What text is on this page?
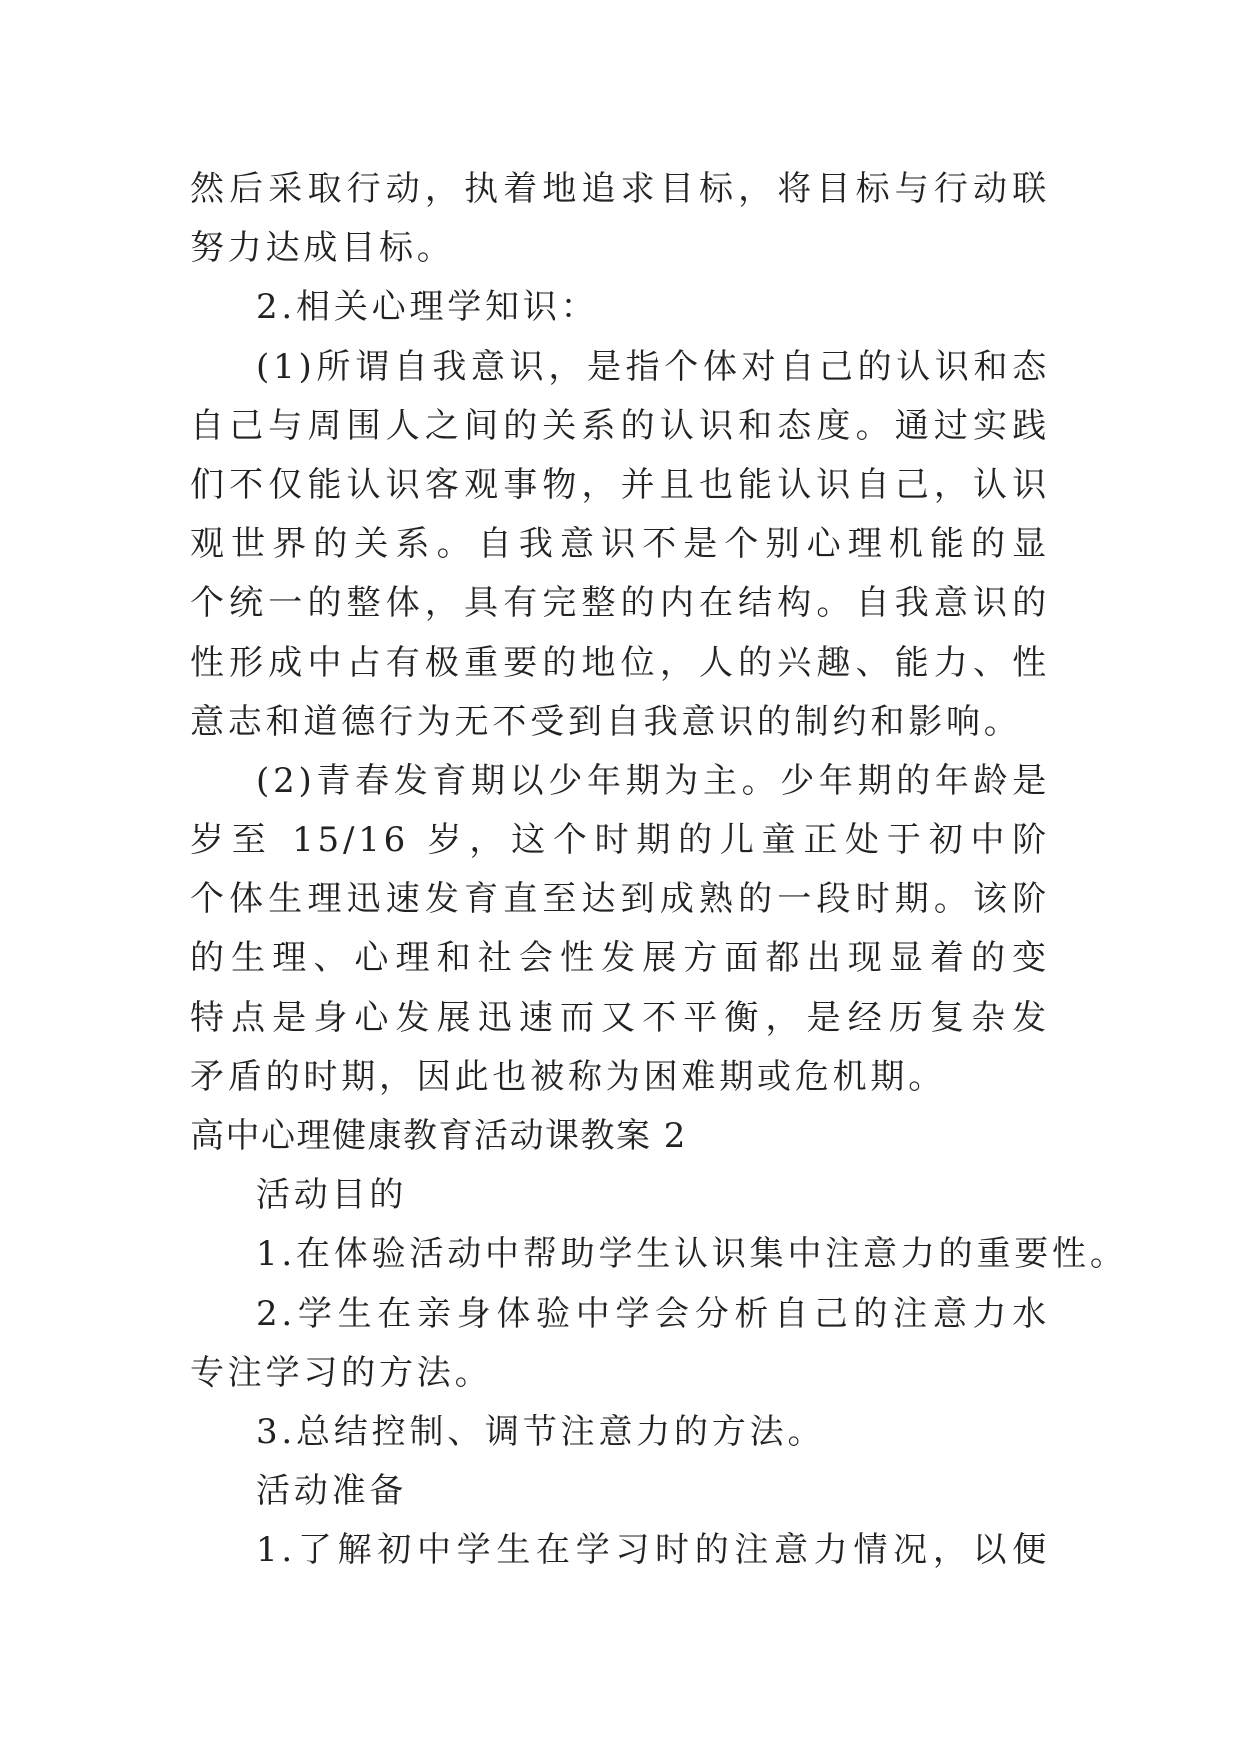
然后采取行动，执着地追求目标，将目标与行动联
努力达成目标。
2.相关心理学知识：
(1)所谓自我意识，是指个体对自己的认识和态
自己与周围人之间的关系的认识和态度。通过实践
们不仅能认识客观事物，并且也能认识自己，认识
观世界的关系。自我意识不是个别心理机能的显
个统一的整体，具有完整的内在结构。自我意识的
性形成中占有极重要的地位，人的兴趣、能力、性
意志和道德行为无不受到自我意识的制约和影响。
(2)青春发育期以少年期为主。少年期的年龄是
岁至 15/16 岁，这个时期的儿童正处于初中阶
个体生理迅速发育直至达到成熟的一段时期。该阶
的生理、心理和社会性发展方面都出现显着的变
特点是身心发展迅速而又不平衡，是经历复杂发
矛盾的时期，因此也被称为困难期或危机期。
高中心理健康教育活动课教案 2
活动目的
1.在体验活动中帮助学生认识集中注意力的重要性。
2.学生在亲身体验中学会分析自己的注意力水
专注学习的方法。
3.总结控制、调节注意力的方法。
活动准备
1.了解初中学生在学习时的注意力情况，以便
